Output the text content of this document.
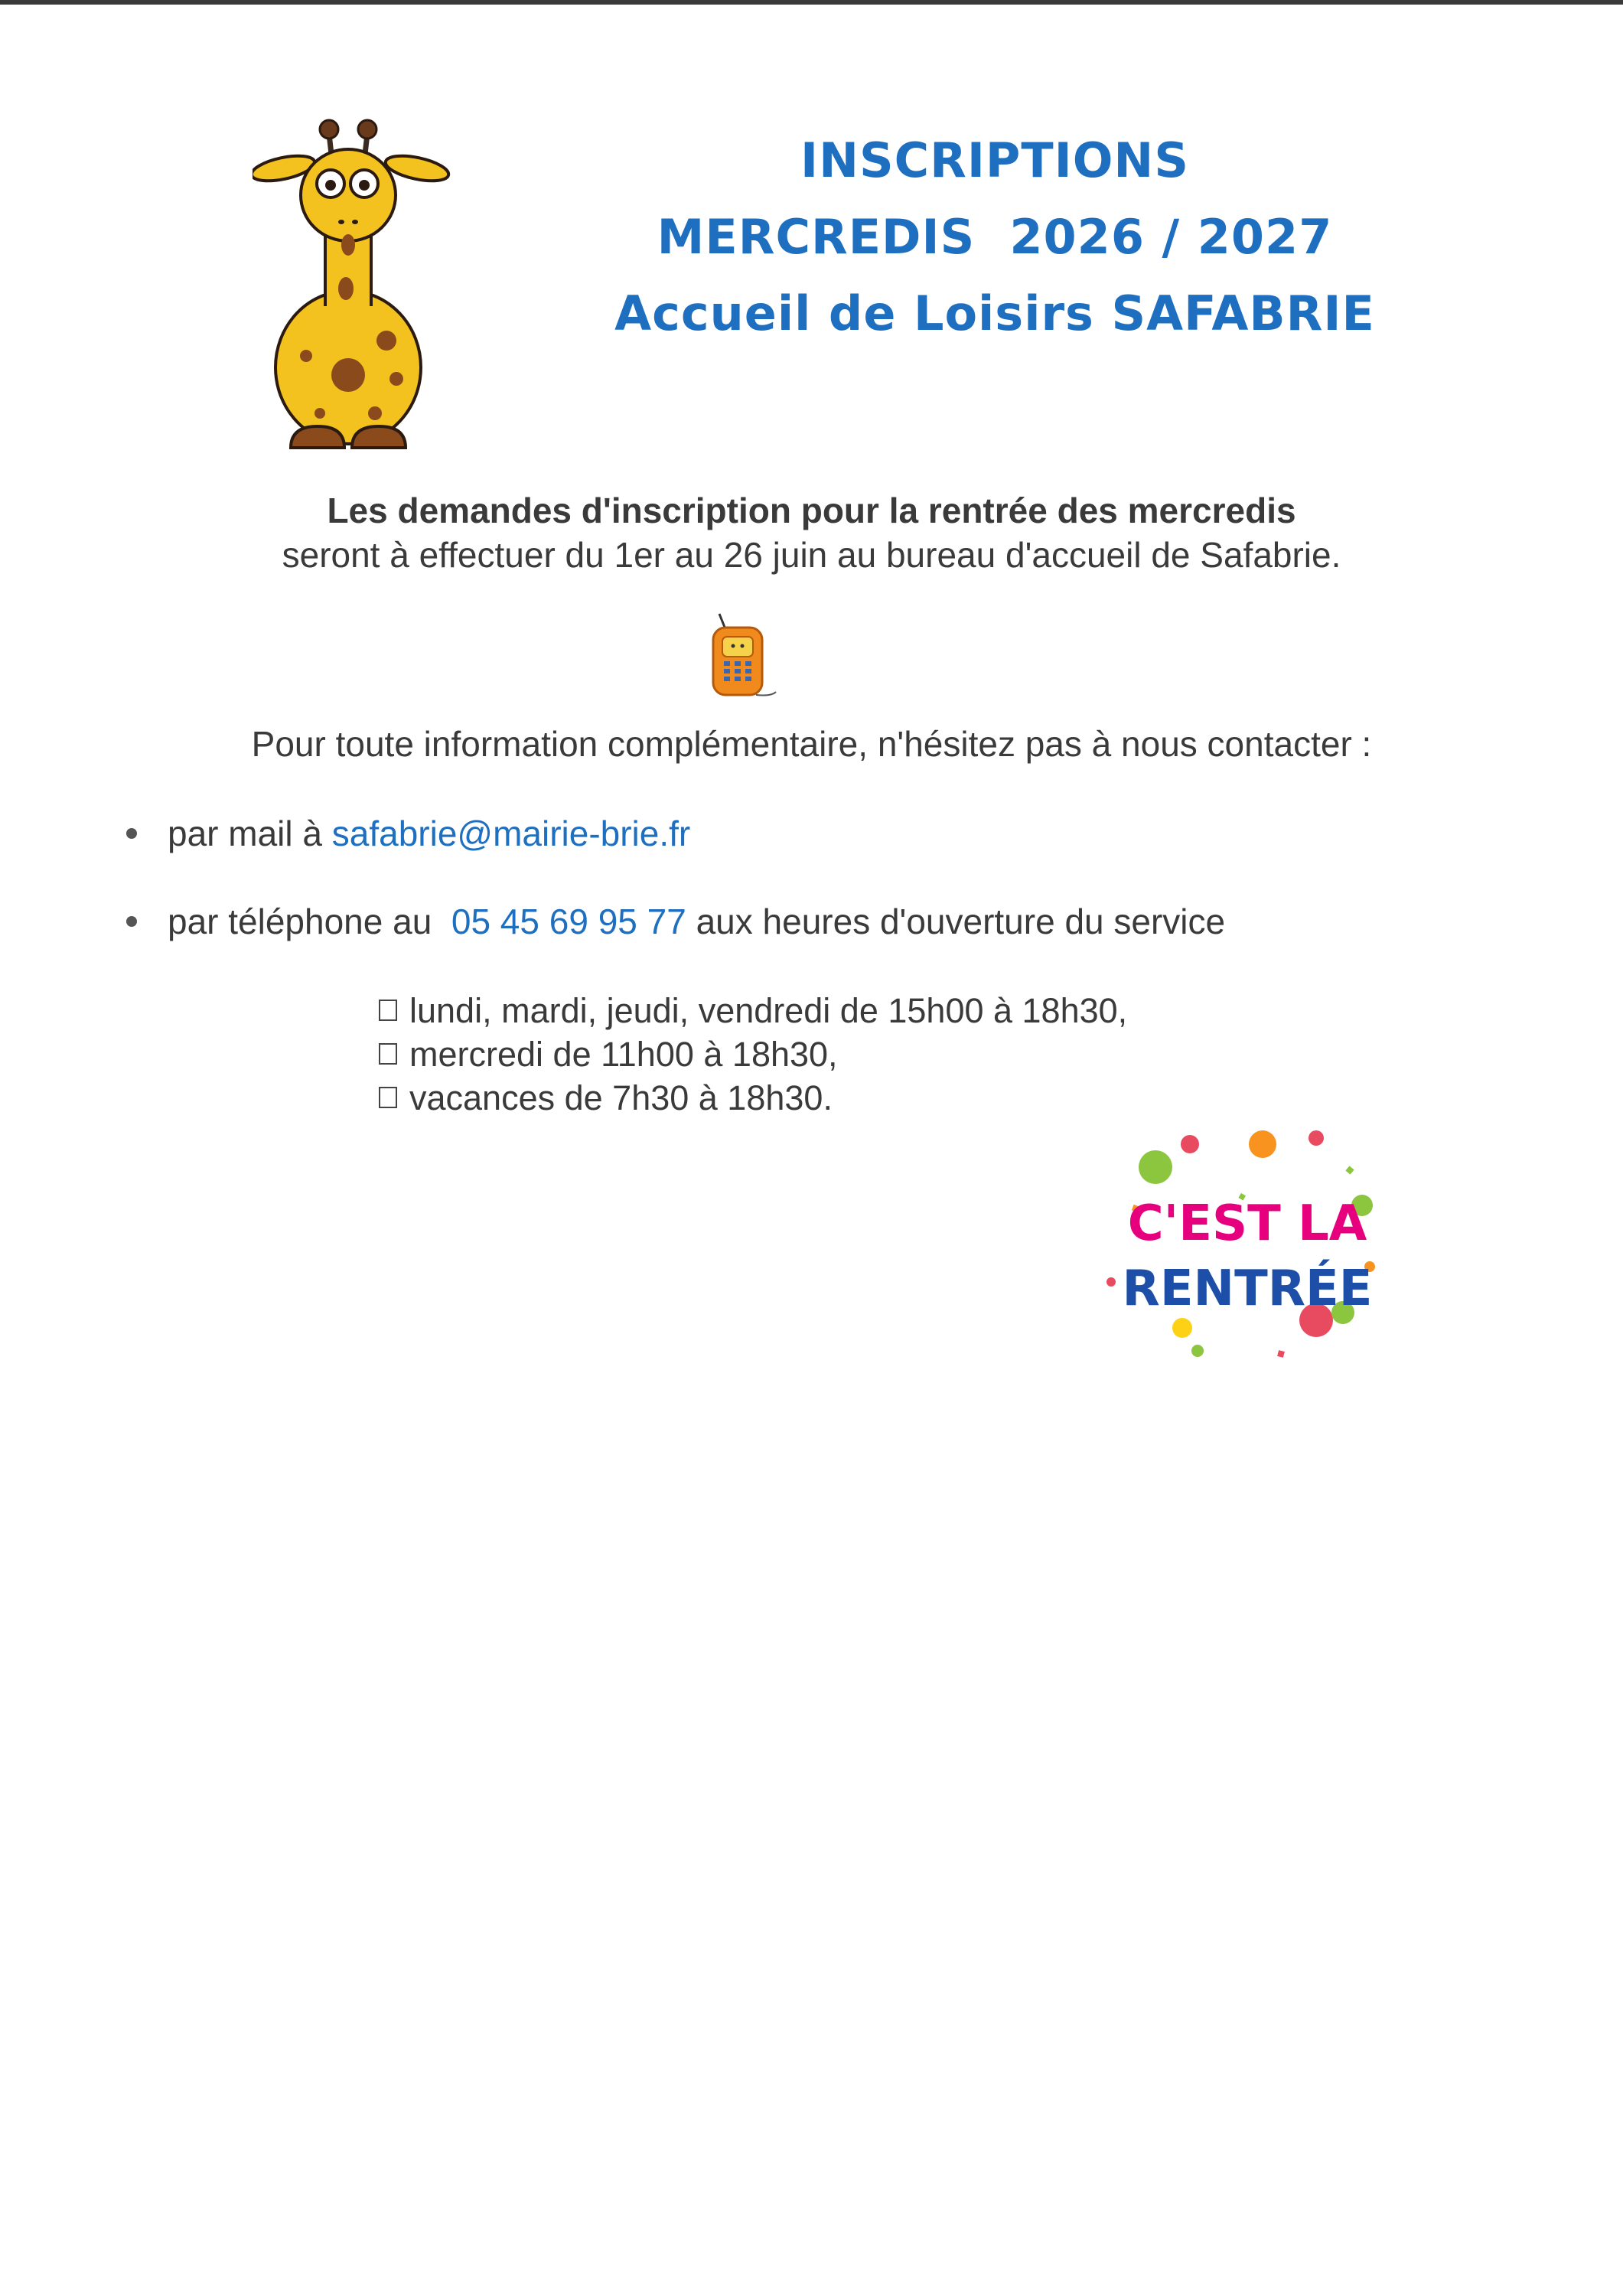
INSCRIPTIONS
MERCREDIS  2026 / 2027
Accueil de Loisirs SAFABRIE
Les demandes d'inscription pour la rentrée des mercredis
seront à effectuer du 1er au 26 juin au bureau d'accueil de Safabrie.
Pour toute information complémentaire, n'hésitez pas à nous contacter :
par mail à safabrie@mairie-brie.fr
par téléphone au  05 45 69 95 77 aux heures d'ouverture du service
lundi, mardi, jeudi, vendredi de 15h00 à 18h30,
mercredi de 11h00 à 18h30,
vacances de 7h30 à 18h30.
C'EST LA
RENTRÉE
